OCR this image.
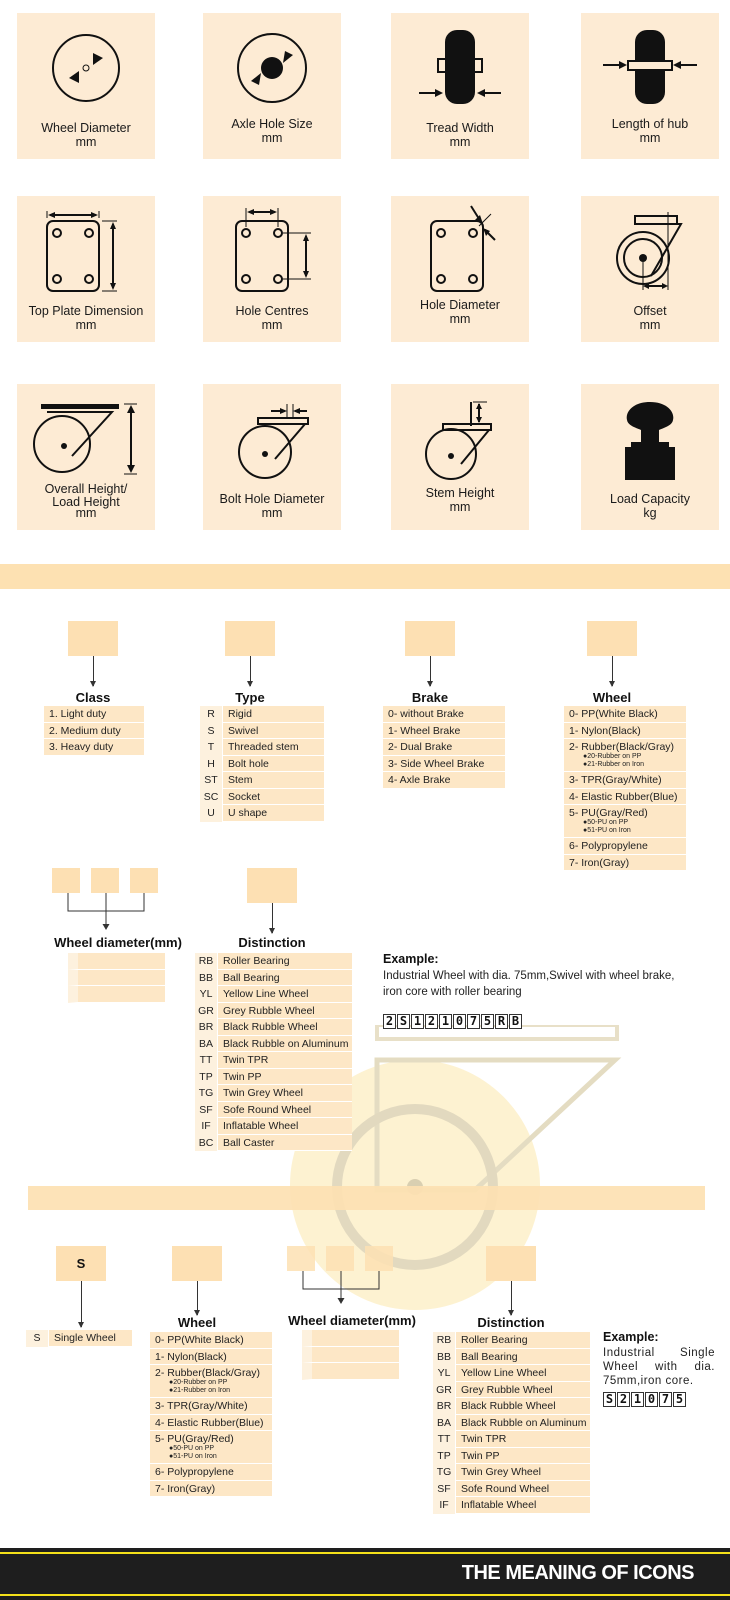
Wheel Diameter
mm
Axle Hole Size
mm
Tread Width
mm
Length of hub
mm
Top Plate Dimension
mm
Hole Centres
mm
Hole Diameter
mm
Offset
mm
Overall Height/
Load Height
mm
Bolt Hole Diameter
mm
Stem Height
mm
Load Capacity
kg
Class
1. Light duty
2. Medium duty
3. Heavy duty
Type
R	Rigid
S	Swivel
T	Threaded stem
H	Bolt hole
ST Stem
SC Socket
U	U shape
Brake
0- without Brake
1- Wheel Brake
2- Dual Brake
3- Side Wheel Brake
4- Axle Brake
Wheel
0- PP(White Black)
1- Nylon(Black)
2- Rubber(Black/Gray)
●20-Rubber on PP
●21-Rubber on Iron
3- TPR(Gray/White)
4- Elastic Rubber(Blue)
5- PU(Gray/Red)
●50-PU on PP
●51-PU on Iron
6- Polypropylene
7- Iron(Gray)
Wheel diameter(mm)	Distinction
RB Roller Bearing
BB Ball Bearing
YL	Yellow Line Wheel
GR Grey Rubble Wheel
BR Black Rubble Wheel
BA Black Rubble on Aluminum
TT	Twin TPR
TP Twin PP
TG Twin Grey Wheel
SF Sofe Round Wheel
IF	Inflatable Wheel
BC Ball Caster
Example:
Industrial Wheel with dia. 75mm,Swivel with wheel brake, iron core with roller bearing
2 S 1 2 1 0 7 5 R B
S
S	Single Wheel
Wheel
0- PP(White Black)
1- Nylon(Black)
2- Rubber(Black/Gray)
●20-Rubber on PP
●21-Rubber on Iron
3- TPR(Gray/White)
4- Elastic Rubber(Blue)
5- PU(Gray/Red)
●50-PU on PP
●51-PU on Iron
6- Polypropylene
7- Iron(Gray)
Wheel diameter(mm)	Distinction
RB Roller Bearing
BB Ball Bearing
YL	Yellow Line Wheel
GR Grey Rubble Wheel
BR Black Rubble Wheel
BA Black Rubble on Aluminum
TT	Twin TPR
TP Twin PP
TG Twin Grey Wheel
SF Sofe Round Wheel
IF	Inflatable Wheel
Example:
Industrial Single Wheel with dia. 75mm,iron core.
S 2 1 0 7 5
THE MEANING OF ICONS
